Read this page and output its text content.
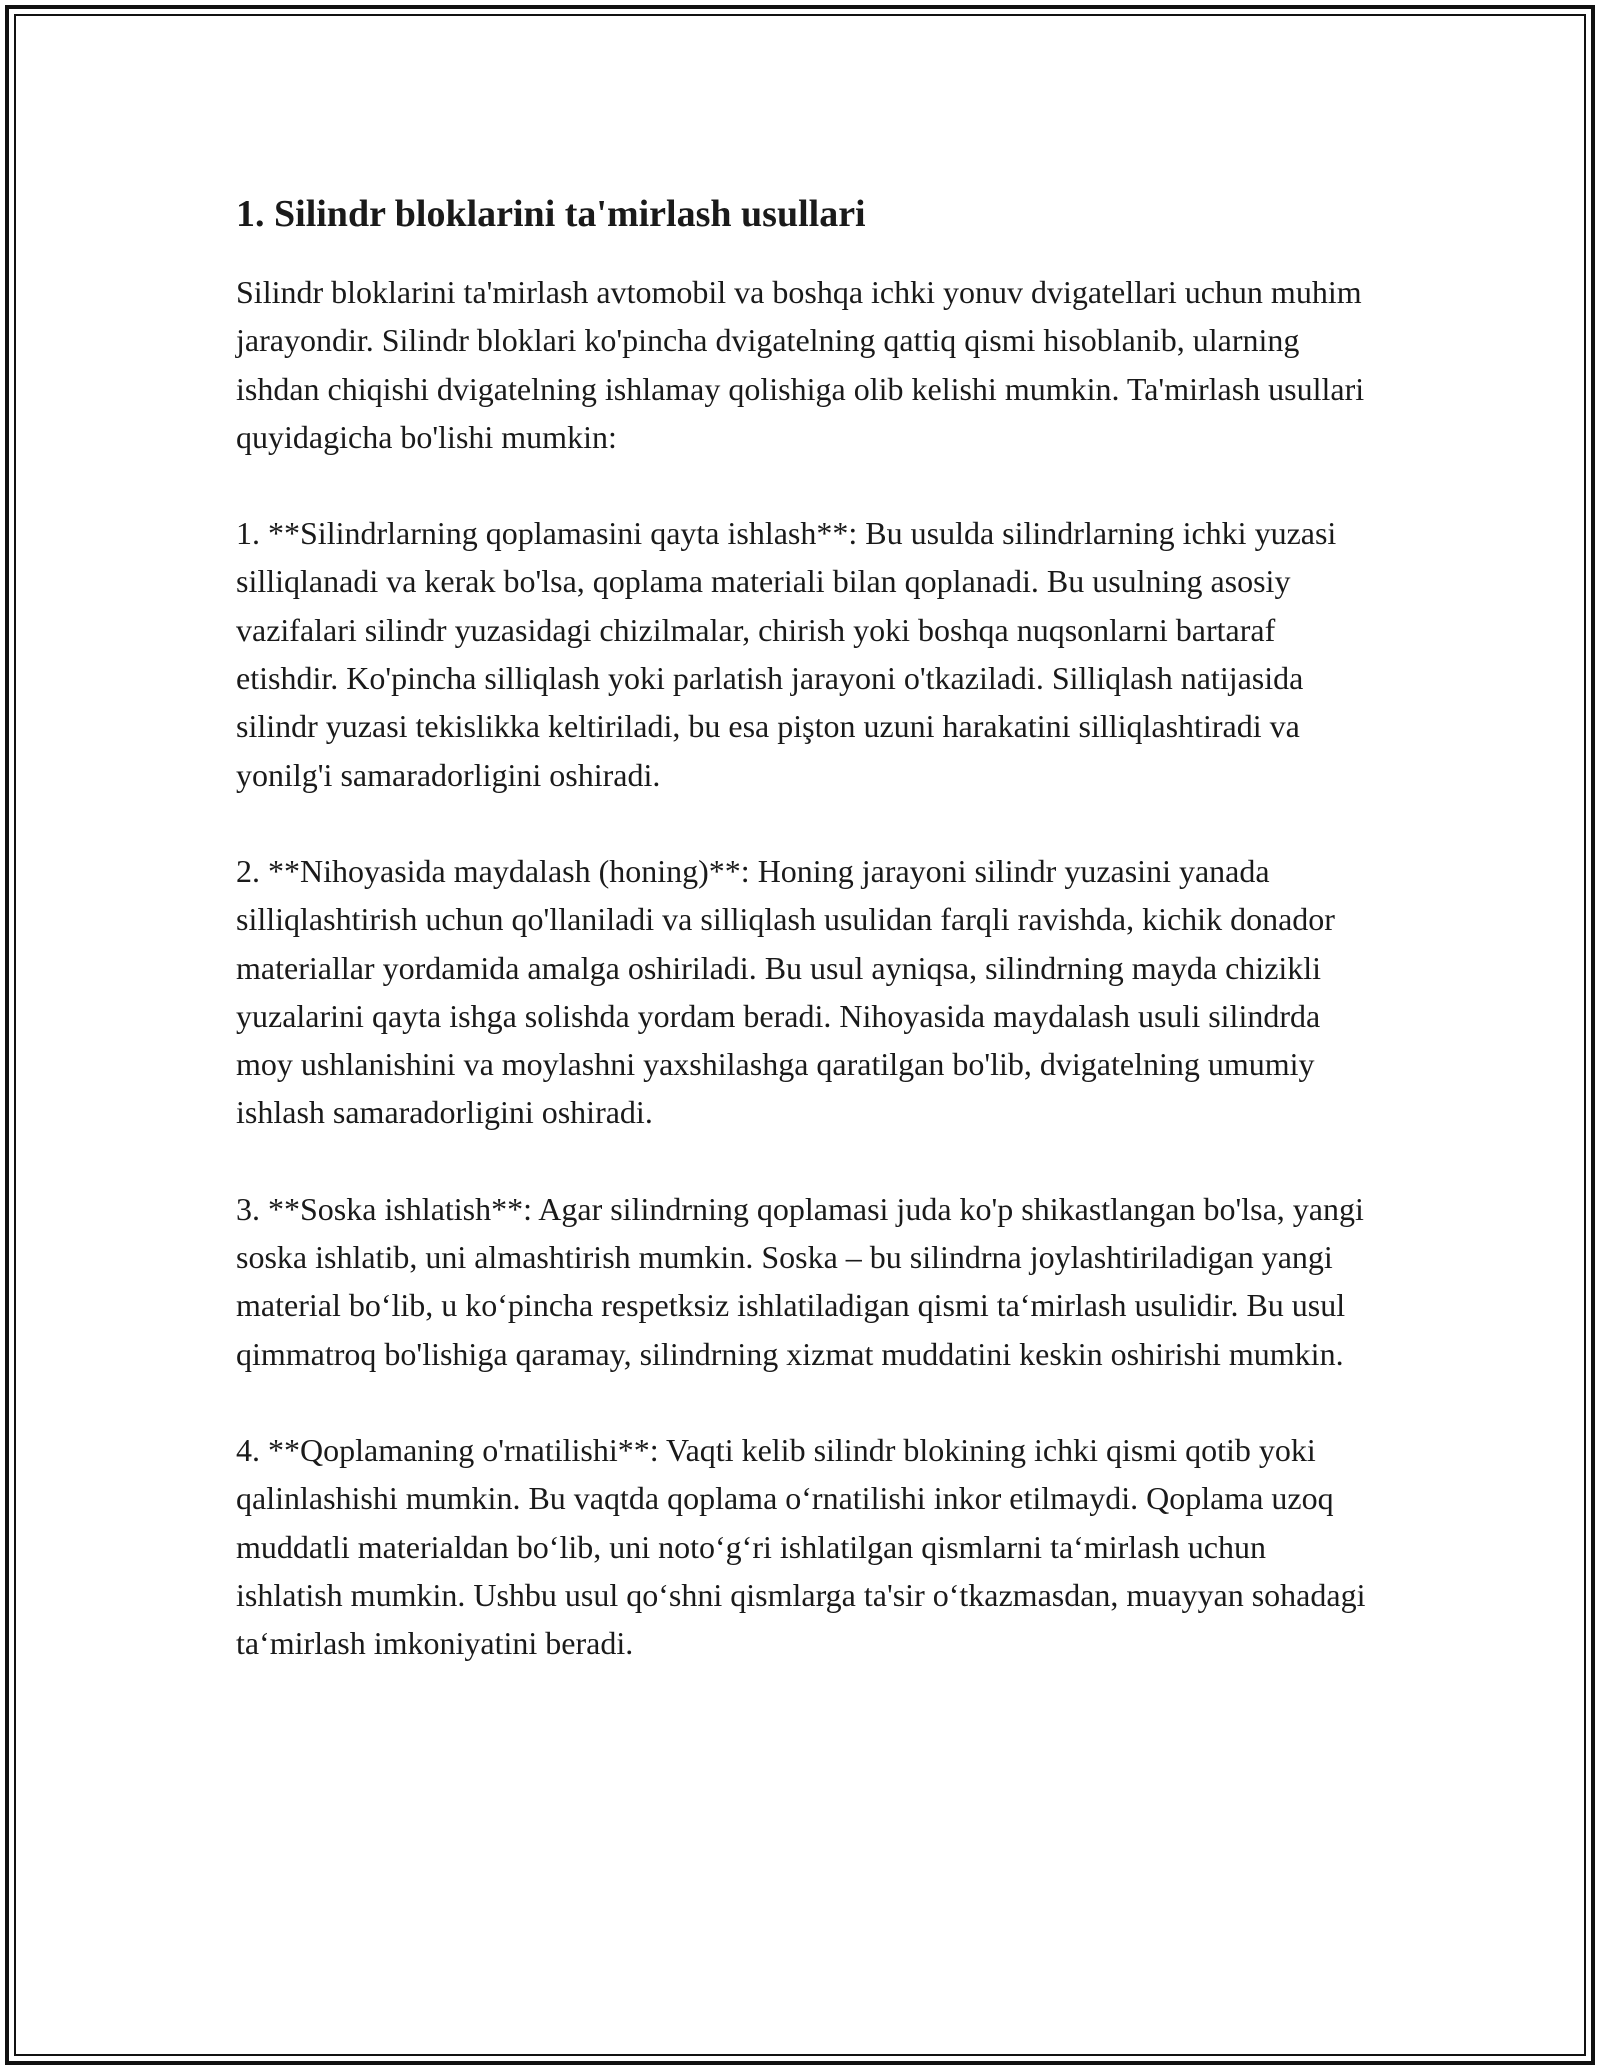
1. Silindr bloklarini ta'mirlash usullari

Silindr bloklarini ta'mirlash avtomobil va boshqa ichki yonuv dvigatellari uchun muhim jarayondir. Silindr bloklari ko'pincha dvigatelning qattiq qismi hisoblanib, ularning ishdan chiqishi dvigatelning ishlamay qolishiga olib kelishi mumkin. Ta'mirlash usullari quyidagicha bo'lishi mumkin:

1. **Silindrlarning qoplamasini qayta ishlash**: Bu usulda silindrlarning ichki yuzasi silliqlanadi va kerak bo'lsa, qoplama materiali bilan qoplanadi. Bu usulning asosiy vazifalari silindr yuzasidagi chizilmalar, chirish yoki boshqa nuqsonlarni bartaraf etishdir. Ko'pincha silliqlash yoki parlatish jarayoni o'tkaziladi. Silliqlash natijasida silindr yuzasi tekislikka keltiriladi, bu esa pişton uzuni harakatini silliqlashtiradi va yonilg'i samaradorligini oshiradi.

2. **Nihoyasida maydalash (honing)**: Honing jarayoni silindr yuzasini yanada silliqlashtirish uchun qo'llaniladi va silliqlash usulidan farqli ravishda, kichik donador materiallar yordamida amalga oshiriladi. Bu usul ayniqsa, silindrning mayda chizikli yuzalarini qayta ishga solishda yordam beradi. Nihoyasida maydalash usuli silindrda moy ushlanishini va moylashni yaxshilashga qaratilgan bo'lib, dvigatelning umumiy ishlash samaradorligini oshiradi.

3. **Soska ishlatish**: Agar silindrning qoplamasi juda ko'p shikastlangan bo'lsa, yangi soska ishlatib, uni almashtirish mumkin. Soska – bu silindrna joylashtiriladigan yangi material bo‘lib, u ko‘pincha respetksiz ishlatiladigan qismi ta‘mirlash usulidir. Bu usul qimmatroq bo'lishiga qaramay, silindrning xizmat muddatini keskin oshirishi mumkin.

4. **Qoplamaning o'rnatilishi**: Vaqti kelib silindr blokining ichki qismi qotib yoki qalinlashishi mumkin. Bu vaqtda qoplama o‘rnatilishi inkor etilmaydi. Qoplama uzoq muddatli materialdan bo‘lib, uni noto‘g‘ri ishlatilgan qismlarni ta‘mirlash uchun ishlatish mumkin. Ushbu usul qo‘shni qismlarga ta'sir o‘tkazmasdan, muayyan sohadagi ta‘mirlash imkoniyatini beradi.
